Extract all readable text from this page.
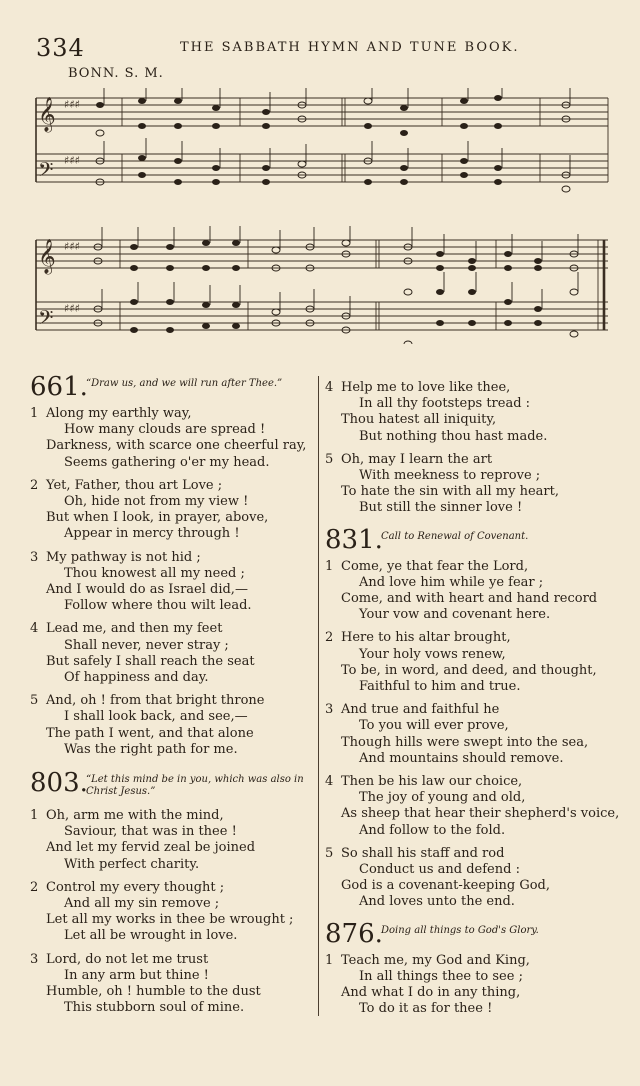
334	THE SABBATH HYMN AND TUNE BOOK.
BONN. S. M.
𝄞
𝄢
♯♯♯
♯♯♯
𝄞
𝄢
♯♯♯
♯♯♯
661.
“Draw us, and we will run after Thee.”
1 Along my earthly way,
How many clouds are spread !
Darkness, with scarce one cheerful ray,
Seems gathering o'er my head.
2 Yet, Father, thou art Love ;
Oh, hide not from my view !
But when I look, in prayer, above,
Appear in mercy through !
3 My pathway is not hid ;
Thou knowest all my need ;
And I would do as Israel did,—
Follow where thou wilt lead.
4 Lead me, and then my feet
Shall never, never stray ;
But safely I shall reach the seat
Of happiness and day.
5 And, oh ! from that bright throne
I shall look back, and see,—
The path I went, and that alone
Was the right path for me.
803.
“Let this mind be in you, which was also in Christ Jesus.”
1 Oh, arm me with the mind,
Saviour, that was in thee !
And let my fervid zeal be joined
With perfect charity.
2 Control my every thought ;
And all my sin remove ;
Let all my works in thee be wrought ;
Let all be wrought in love.
3 Lord, do not let me trust
In any arm but thine !
Humble, oh ! humble to the dust
This stubborn soul of mine.
4 Help me to love like thee,
In all thy footsteps tread :
Thou hatest all iniquity,
But nothing thou hast made.
5 Oh, may I learn the art
With meekness to reprove ;
To hate the sin with all my heart,
But still the sinner love !
831.
Call to Renewal of Covenant.
1 Come, ye that fear the Lord,
And love him while ye fear ;
Come, and with heart and hand record
Your vow and covenant here.
2 Here to his altar brought,
Your holy vows renew,
To be, in word, and deed, and thought,
Faithful to him and true.
3 And true and faithful he
To you will ever prove,
Though hills were swept into the sea,
And mountains should remove.
4 Then be his law our choice,
The joy of young and old,
As sheep that hear their shepherd's voice,
And follow to the fold.
5 So shall his staff and rod
Conduct us and defend :
God is a covenant-keeping God,
And loves unto the end.
876.
Doing all things to God's Glory.
1 Teach me, my God and King,
In all things thee to see ;
And what I do in any thing,
To do it as for thee !
